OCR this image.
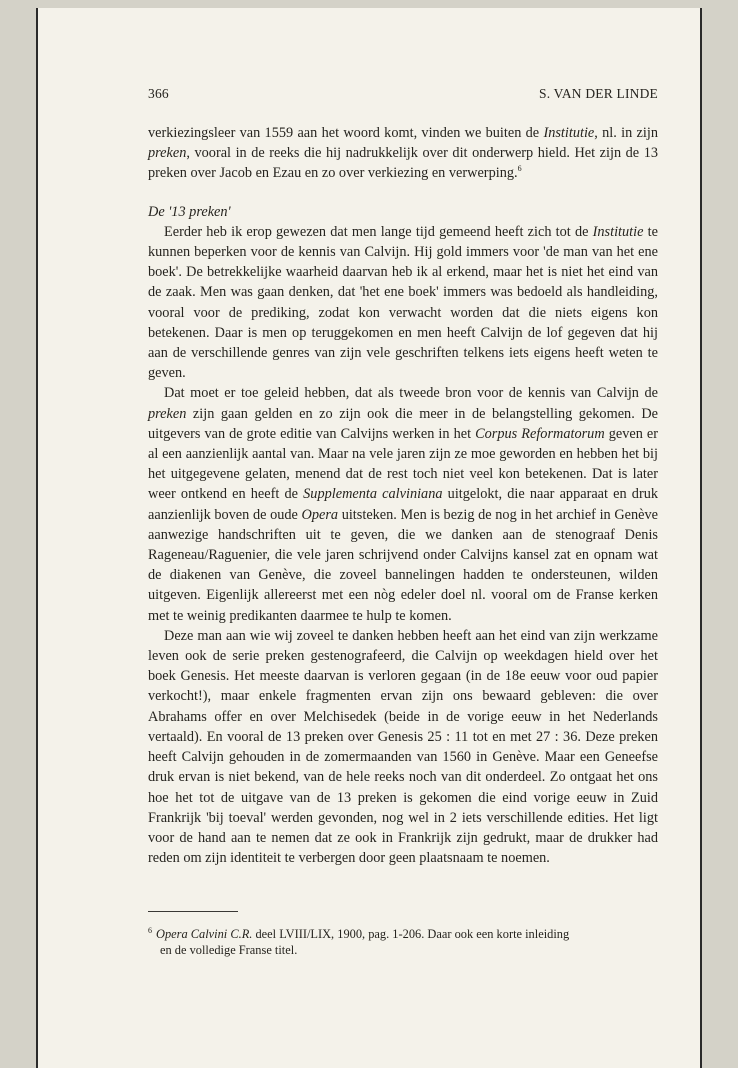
366	S. VAN DER LINDE

verkiezingsleer van 1559 aan het woord komt, vinden we buiten de Institutie, nl. in zijn preken, vooral in de reeks die hij nadrukkelijk over dit onderwerp hield. Het zijn de 13 preken over Jacob en Ezau en zo over verkiezing en verwerping.$^6$

De '13 preken'

Eerder heb ik erop gewezen dat men lange tijd gemeend heeft zich tot de Institutie te kunnen beperken voor de kennis van Calvijn. Hij gold immers voor 'de man van het ene boek'. De betrekkelijke waarheid daarvan heb ik al erkend, maar het is niet het eind van de zaak. Men was gaan denken, dat 'het ene boek' immers was bedoeld als handleiding, vooral voor de prediking, zodat kon verwacht worden dat die niets eigens kon betekenen. Daar is men op teruggekomen en men heeft Calvijn de lof gegeven dat hij aan de verschillende genres van zijn vele geschriften telkens iets eigens heeft weten te geven.

Dat moet er toe geleid hebben, dat als tweede bron voor de kennis van Calvijn de preken zijn gaan gelden en zo zijn ook die meer in de belangstelling gekomen. De uitgevers van de grote editie van Calvijns werken in het Corpus Reformatorum geven er al een aanzienlijk aantal van. Maar na vele jaren zijn ze moe geworden en hebben het bij het uitgegevene gelaten, menend dat de rest toch niet veel kon betekenen. Dat is later weer ontkend en heeft de Supplementa calviniana uitgelokt, die naar apparaat en druk aanzienlijk boven de oude Opera uitsteken. Men is bezig de nog in het archief in Genève aanwezige handschriften uit te geven, die we danken aan de stenograaf Denis Rageneau/Raguenier, die vele jaren schrijvend onder Calvijns kansel zat en opnam wat de diakenen van Genève, die zoveel bannelingen hadden te ondersteunen, wilden uitgeven. Eigenlijk allereerst met een nòg edeler doel nl. vooral om de Franse kerken met te weinig predikanten daarmee te hulp te komen.

Deze man aan wie wij zoveel te danken hebben heeft aan het eind van zijn werkzame leven ook de serie preken gestenografeerd, die Calvijn op weekdagen hield over het boek Genesis. Het meeste daarvan is verloren gegaan (in de 18e eeuw voor oud papier verkocht!), maar enkele fragmenten ervan zijn ons bewaard gebleven: die over Abrahams offer en over Melchisedek (beide in de vorige eeuw in het Nederlands vertaald). En vooral de 13 preken over Genesis 25 : 11 tot en met 27 : 36. Deze preken heeft Calvijn gehouden in de zomermaanden van 1560 in Genève. Maar een Geneefse druk ervan is niet bekend, van de hele reeks noch van dit onderdeel. Zo ontgaat het ons hoe het tot de uitgave van de 13 preken is gekomen die eind vorige eeuw in Zuid Frankrijk 'bij toeval' werden gevonden, nog wel in 2 iets verschillende edities. Het ligt voor de hand aan te nemen dat ze ook in Frankrijk zijn gedrukt, maar de drukker had reden om zijn identiteit te verbergen door geen plaatsnaam te noemen.

$^6$ Opera Calvini C.R. deel LVIII/LIX, 1900, pag. 1-206. Daar ook een korte inleiding
en de volledige Franse titel.
